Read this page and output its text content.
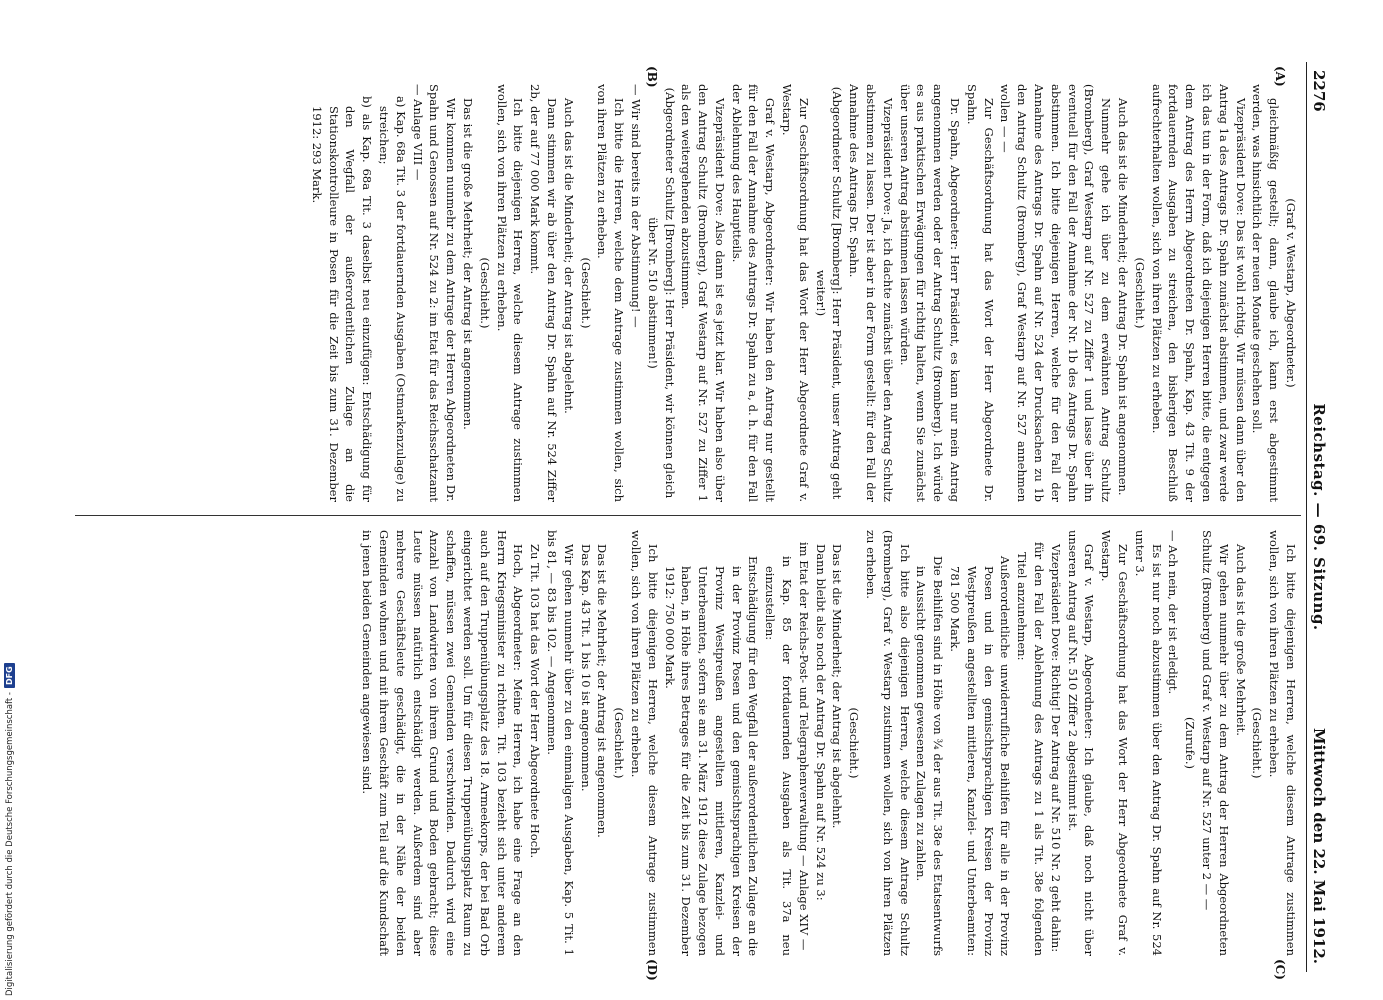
2276
Reichstag. — 69. Sitzung.
Mittwoch den 22. Mai 1912.
(A)
(B)
(C)
(D)

(Graf v. Westarp, Abgeordneter.)

gleichmäßig gestellt; dann, glaube ich, kann erst abgestimmt werden, was hinsichtlich der neuen Monate geschehen soll.

Vizepräsident Dove: Das ist wohl richtig. Wir müssen dann über den Antrag 1a des Antrags Dr. Spahn zunächst abstimmen, und zwar werde ich das tun in der Form, daß ich diejenigen Herren bitte, die entgegen dem Antrag des Herrn Abgeordneten Dr. Spahn, Kap. 43 Tit. 9 der fortdauernden Ausgaben zu streichen, den bisherigen Beschluß aufrechterhalten wollen, sich von ihren Plätzen zu erheben.

(Geschieht.)

Auch das ist die Minderheit; der Antrag Dr. Spahn ist angenommen.

Nunmehr gehe ich über zu dem erwähnten Antrag Schultz (Bromberg), Graf Westarp auf Nr. 527 zu Ziffer 1 und lasse über ihn eventuell für den Fall der Annahme der Nr. 1b des Antrags Dr. Spahn abstimmen. Ich bitte diejenigen Herren, welche für den Fall der Annahme des Antrags Dr. Spahn auf Nr. 524 der Drucksachen zu 1b den Antrag Schultz (Bromberg), Graf Westarp auf Nr. 527 annehmen wollen — —

Zur Geschäftsordnung hat das Wort der Herr Abgeordnete Dr. Spahn.

Dr. Spahn, Abgeordneter: Herr Präsident, es kann nur mein Antrag angenommen werden oder der Antrag Schultz (Bromberg). Ich würde es aus praktischen Erwägungen für richtig halten, wenn Sie zunächst über unseren Antrag abstimmen lassen würden.

Vizepräsident Dove: Ja, ich dachte zunächst über den Antrag Schultz abstimmen zu lassen. Der ist aber in der Form gestellt: für den Fall der Annahme des Antrags Dr. Spahn.

(Abgeordneter Schultz [Bromberg]: Herr Präsident, unser Antrag geht weiter!)

Zur Geschäftsordnung hat das Wort der Herr Abgeordnete Graf v. Westarp.

Graf v. Westarp, Abgeordneter: Wir haben den Antrag nur gestellt für den Fall der Annahme des Antrags Dr. Spahn zu a, d. h. für den Fall der Ablehnung des Hauptteils.

Vizepräsident Dove: Also dann ist es jetzt klar. Wir haben also über den Antrag Schultz (Bromberg), Graf Westarp auf Nr. 527 zu Ziffer 1 als den weitergehenden abzustimmen.

(Abgeordneter Schultz [Bromberg]: Herr Präsident, wir können gleich über Nr. 510 abstimmen!)

— Wir sind bereits in der Abstimmung! —

Ich bitte die Herren, welche dem Antrage zustimmen wollen, sich von ihren Plätzen zu erheben.

(Geschieht.)

Auch das ist die Minderheit; der Antrag ist abgelehnt.

Dann stimmen wir ab über den Antrag Dr. Spahn auf Nr. 524 Ziffer 2b, der auf 77 000 Mark kommt.

Ich bitte diejenigen Herren, welche diesem Antrage zustimmen wollen, sich von ihren Plätzen zu erheben.

(Geschieht.)

Das ist die große Mehrheit; der Antrag ist angenommen.

Wir kommen nunmehr zu dem Antrage der Herren Abgeordneten Dr. Spahn und Genossen auf Nr. 524 zu 2: im Etat für das Reichsschatzamt — Anlage VIII —

a) Kap. 68a Tit. 3 der fortdauernden Ausgaben (Ostmarkenzulage) zu streichen;

b) als Kap. 68a Tit. 3 daselbst neu einzufügen: Entschädigung für den Wegfall der außerordentlichen Zulage an die Stationskontrolleure in Posen für die Zeit bis zum 31. Dezember 1912: 293 Mark.

Ich bitte diejenigen Herren, welche diesem Antrage zustimmen wollen, sich von ihren Plätzen zu erheben.

(Geschieht.)

Auch das ist die große Mehrheit.

Wir gehen nunmehr über zu dem Antrag der Herren Abgeordneten Schultz (Bromberg) und Graf v. Westarp auf Nr. 527 unter 2 — —

(Zurufe.)

— Ach nein, der ist erledigt.

Es ist nur noch abzustimmen über den Antrag Dr. Spahn auf Nr. 524 unter 3.

Zur Geschäftsordnung hat das Wort der Herr Abgeordnete Graf v. Westarp.

Graf v. Westarp, Abgeordneter: Ich glaube, daß noch nicht über unseren Antrag auf Nr. 510 Ziffer 2 abgestimmt ist.

Vizepräsident Dove: Richtig! Der Antrag auf Nr. 510 Nr. 2 geht dahin:

für den Fall der Ablehnung des Antrags zu 1 als Tit. 38e folgenden Titel anzunehmen:

Außerordentliche unwiderrufliche Beihilfen für alle in der Provinz Posen und in den gemischtsprachigen Kreisen der Provinz Westpreußen angestellten mittleren, Kanzlei- und Unterbeamten: 781 500 Mark.

Die Beihilfen sind in Höhe von ¾ der aus Tit. 38e des Etatsentwurfs in Aussicht genommen gewesenen Zulagen zu zahlen.

Ich bitte also diejenigen Herren, welche diesem Antrage Schultz (Bromberg), Graf v. Westarp zustimmen wollen, sich von ihren Plätzen zu erheben.

(Geschieht.)

Das ist die Minderheit; der Antrag ist abgelehnt.

Dann bleibt also noch der Antrag Dr. Spahn auf Nr. 524 zu 3:

im Etat der Reichs-Post- und Telegraphenverwaltung — Anlage XIV —

in Kap. 85 der fortdauernden Ausgaben als Tit. 37a neu einzustellen:

Entschädigung für den Wegfall der außerordentlichen Zulage an die in der Provinz Posen und den gemischtsprachigen Kreisen der Provinz Westpreußen angestellten mittleren, Kanzlei- und Unterbeamten, sofern sie am 31. März 1912 diese Zulage bezogen haben, in Höhe ihres Betrages für die Zeit bis zum 31. Dezember 1912: 750 000 Mark.

Ich bitte diejenigen Herren, welche diesem Antrage zustimmen wollen, sich von ihren Plätzen zu erheben.

(Geschieht.)

Das ist die Mehrheit; der Antrag ist angenommen.

Das Kap. 43 Tit. 1 bis 10 ist angenommen.

Wir gehen nunmehr über zu den einmaligen Ausgaben, Kap. 5 Tit. 1 bis 81, — 83 bis 102. — Angenommen.

Zu Tit. 103 hat das Wort der Herr Abgeordnete Hoch.

Hoch, Abgeordneter: Meine Herren, ich habe eine Frage an den Herrn Kriegsminister zu richten. Tit. 103 bezieht sich unter anderem auch auf den Truppenübungsplatz des 18. Armeekorps, der bei Bad Orb eingerichtet werden soll. Um für diesen Truppenübungsplatz Raum zu schaffen, müssen zwei Gemeinden verschwinden. Dadurch wird eine Anzahl von Landwirten von ihrem Grund und Boden gebracht; diese Leute müssen natürlich entschädigt werden. Außerdem sind aber mehrere Geschäftsleute geschädigt, die in der Nähe der beiden Gemeinden wohnen und mit ihrem Geschäft zum Teil auf die Kundschaft in jenen beiden Gemeinden angewiesen sind.

Digitalisierung gefördert durch die Deutsche Forschungsgemeinschaft -
DFG
